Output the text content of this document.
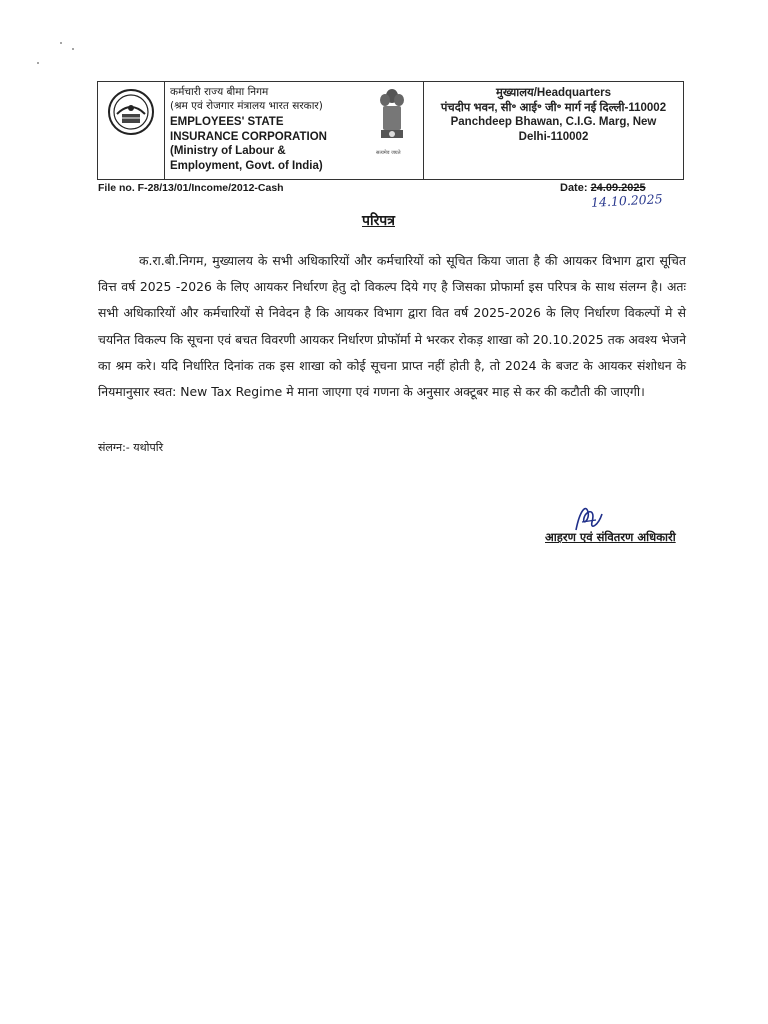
कर्मचारी राज्य बीमा निगम
(श्रम एवं रोजगार मंत्रालय भारत सरकार)
EMPLOYEES' STATE
INSURANCE CORPORATION
(Ministry of Labour &
Employment, Govt. of India)
सत्यमेव जयते
मुख्यालय/Headquarters
पंचदीप भवन, सी॰ आई॰ जी॰ मार्ग नई दिल्ली-110002
Panchdeep Bhawan, C.I.G. Marg, New
Delhi-110002
File no. F-28/13/01/Income/2012-Cash	Date: 24.09.2025
14.10.2025
परिपत्र

क.रा.बी.निगम, मुख्यालय के सभी अधिकारियों और कर्मचारियों को सूचित किया जाता है की आयकर विभाग द्वारा सूचित वित्त वर्ष 2025 -2026 के लिए आयकर निर्धारण हेतु दो विकल्प दिये गए है जिसका प्रोफार्मा इस परिपत्र के साथ संलग्न है। अतः सभी अधिकारियों और कर्मचारियों से निवेदन है कि आयकर विभाग द्वारा वित वर्ष 2025-2026 के लिए निर्धारण विकल्पों मे से चयनित विकल्प कि सूचना एवं बचत विवरणी आयकर निर्धारण प्रोफॉर्मा मे भरकर रोकड़ शाखा को 20.10.2025 तक अवश्य भेजने का श्रम करे। यदि निर्धारित दिनांक तक इस शाखा को कोई सूचना प्राप्त नहीं होती है, तो 2024 के बजट के आयकर संशोधन के नियमानुसार स्वत: New Tax Regime मे माना जाएगा एवं गणना के अनुसार अक्टूबर माह से कर की कटौती की जाएगी।

संलग्न:- यथोपरि
आहरण एवं संवितरण अधिकारी
